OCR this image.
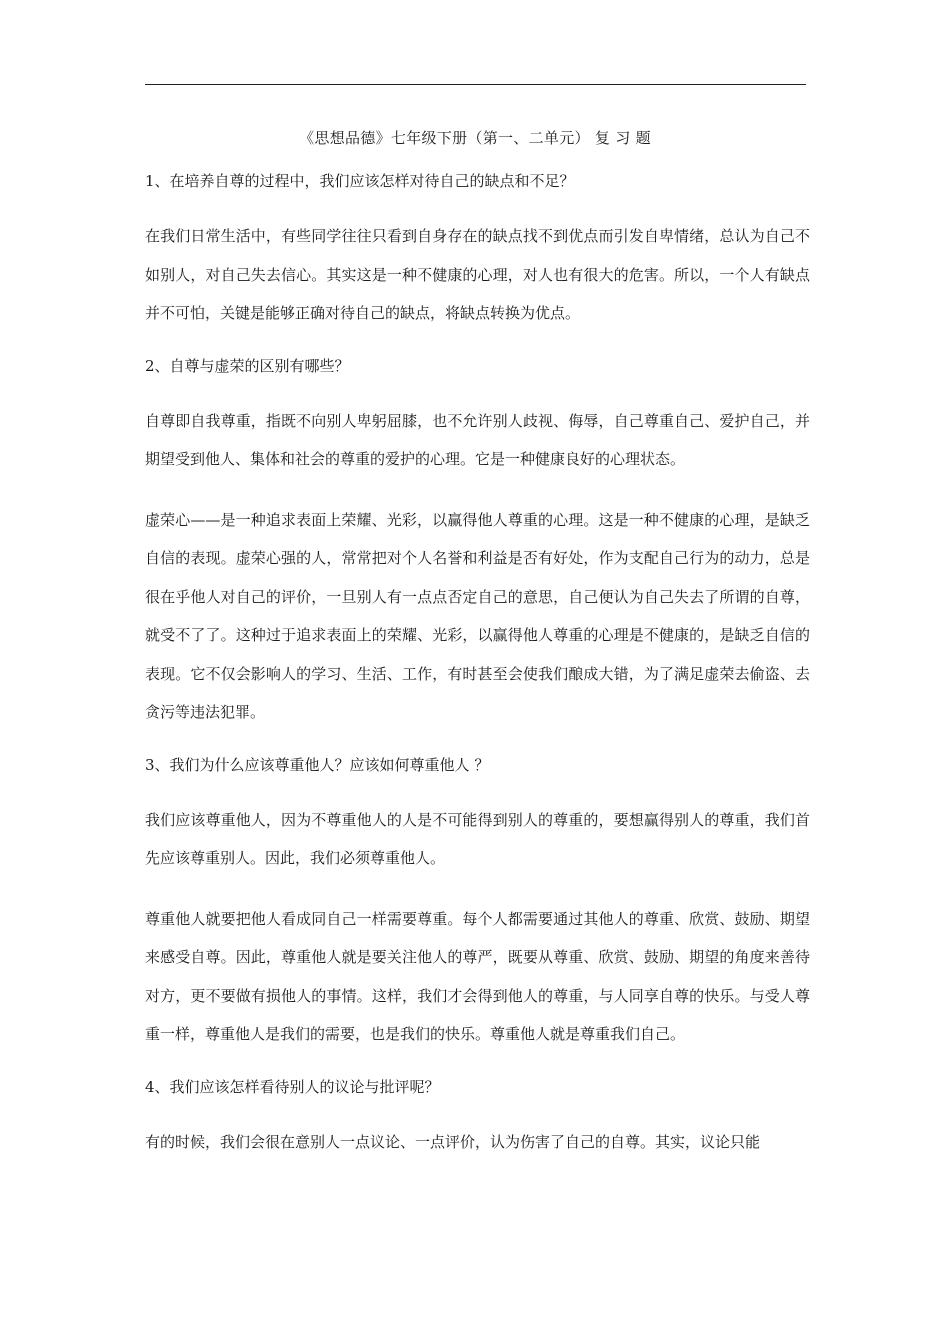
《思想品德》七年级下册（第一、二单元） 复 习 题
1、在培养自尊的过程中，我们应该怎样对待自己的缺点和不足？
在我们日常生活中，有些同学往往只看到自身存在的缺点找不到优点而引发自卑情绪，总认为自己不如别人，对自己失去信心。其实这是一种不健康的心理，对人也有很大的危害。所以，一个人有缺点并不可怕，关键是能够正确对待自己的缺点，将缺点转换为优点。
2、自尊与虚荣的区别有哪些？
自尊即自我尊重，指既不向别人卑躬屈膝，也不允许别人歧视、侮辱，自己尊重自己、爱护自己，并期望受到他人、集体和社会的尊重的爱护的心理。它是一种健康良好的心理状态。
虚荣心——是一种追求表面上荣耀、光彩，以赢得他人尊重的心理。这是一种不健康的心理，是缺乏自信的表现。虚荣心强的人，常常把对个人名誉和利益是否有好处，作为支配自己行为的动力，总是很在乎他人对自己的评价，一旦别人有一点点否定自己的意思，自己便认为自己失去了所谓的自尊，就受不了了。这种过于追求表面上的荣耀、光彩，以赢得他人尊重的心理是不健康的，是缺乏自信的表现。它不仅会影响人的学习、生活、工作，有时甚至会使我们酿成大错，为了满足虚荣去偷盗、去贪污等违法犯罪。
3、我们为什么应该尊重他人？应该如何尊重他人 ？
我们应该尊重他人，因为不尊重他人的人是不可能得到别人的尊重的，要想赢得别人的尊重，我们首先应该尊重别人。因此，我们必须尊重他人。
尊重他人就要把他人看成同自己一样需要尊重。每个人都需要通过其他人的尊重、欣赏、鼓励、期望来感受自尊。因此，尊重他人就是要关注他人的尊严，既要从尊重、欣赏、鼓励、期望的角度来善待对方，更不要做有损他人的事情。这样，我们才会得到他人的尊重，与人同享自尊的快乐。与受人尊重一样，尊重他人是我们的需要，也是我们的快乐。尊重他人就是尊重我们自己。
4、我们应该怎样看待别人的议论与批评呢？
有的时候，我们会很在意别人一点议论、一点评价，认为伤害了自己的自尊。其实，议论只能
